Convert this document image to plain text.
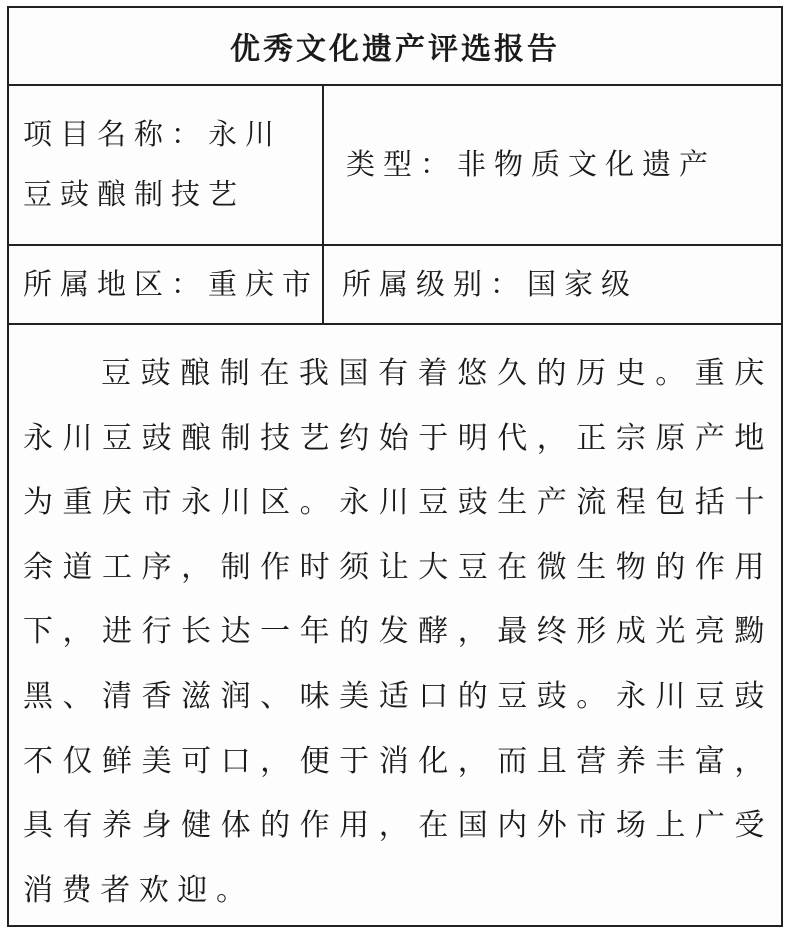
优秀文化遗产评选报告
项目名称：永川豆豉酿制技艺
类型：非物质文化遗产
所属地区：重庆市 所属级别：国家级
豆豉酿制在我国有着悠久的历史。重庆永川豆豉酿制技艺约始于明代，正宗原产地为重庆市永川区。永川豆豉生产流程包括十余道工序，制作时须让大豆在微生物的作用下，进行长达一年的发酵，最终形成光亮黝黑、清香滋润、味美适口的豆豉。永川豆豉不仅鲜美可口，便于消化，而且营养丰富，具有养身健体的作用，在国内外市场上广受消费者欢迎。
